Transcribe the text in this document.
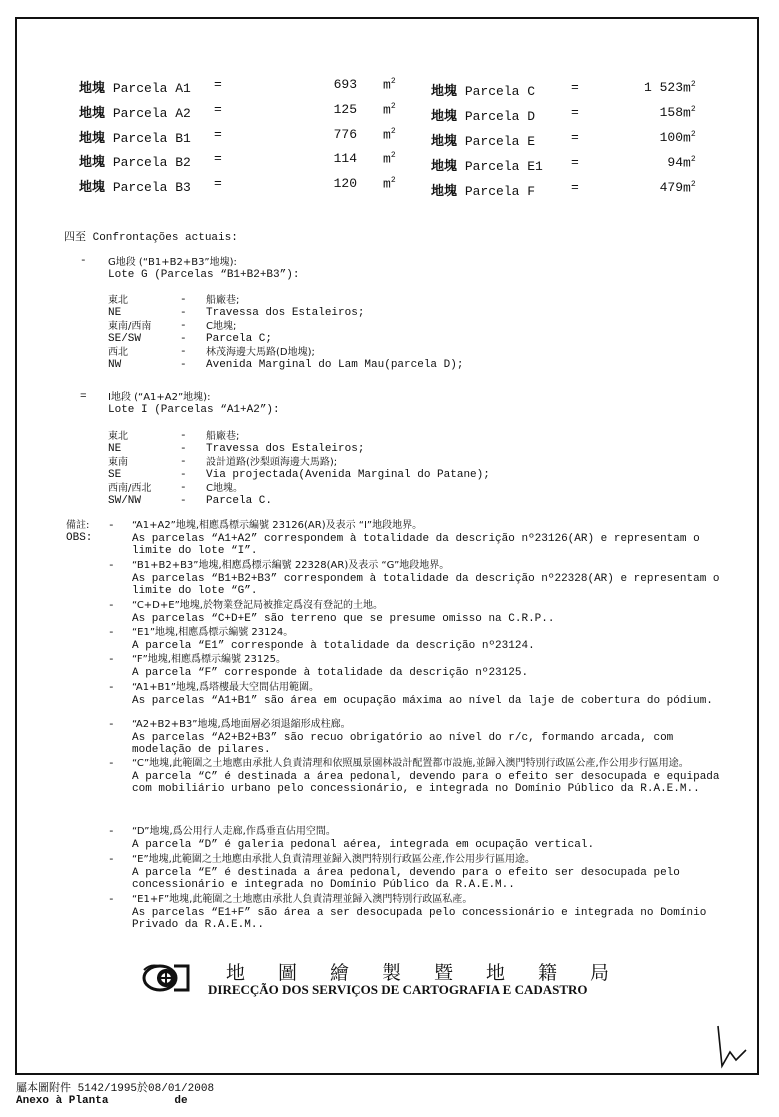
地塊 Parcela A1 =	693 $m^2$
地塊 Parcela A2 =	125 $m^2$
地塊 Parcela B1 =	776 $m^2$
地塊 Parcela B2 =	114 $m^2$
地塊 Parcela B3 =	120 $m^2$
地塊 Parcela C	=	1 523 $m^2$
地塊 Parcela D	=	158 $m^2$
地塊 Parcela E	=	100 $m^2$
地塊 Parcela E1 =	94 $m^2$
地塊 Parcela F	=	479 $m^2$
四至 Confrontações actuais:
- G地段 (“B1+B2+B3”地塊):
Lote G (Parcelas “B1+B2+B3”):
東北	- 船廠巷;
NE	- Travessa dos Estaleiros;
東南/西南	- C地塊;
SE/SW	- Parcela C;
西北	- 林茂海邊大馬路(D地塊);
NW	- Avenida Marginal do Lam Mau(parcela D);
= I地段 (“A1+A2”地塊):
Lote I (Parcelas “A1+A2”):
東北	- 船廠巷;
NE	- Travessa dos Estaleiros;
東南	- 設計道路(沙梨頭海邊大馬路);
SE	- Via projectada(Avenida Marginal do Patane);
西南/西北	- C地塊。
SW/NW	- Parcela C.
備註:
OBS:
- “A1+A2”地塊,相應爲標示編號 23126(AR)及表示 “I”地段地界。
As parcelas “A1+A2” correspondem à totalidade da descrição nº23126(AR) e representam o limite do lote “I”.
- “B1+B2+B3”地塊,相應爲標示編號 22328(AR)及表示 “G”地段地界。
As parcelas “B1+B2+B3” correspondem à totalidade da descrição nº22328(AR) e representam o limite do lote “G”.
- “C+D+E”地塊,於物業登記局被推定爲沒有登記的土地。
As parcelas “C+D+E” são terreno que se presume omisso na C.R.P..
- “E1”地塊,相應爲標示編號 23124。
A parcela “E1” corresponde à totalidade da descrição nº23124.
- “F”地塊,相應爲標示編號 23125。
A parcela “F” corresponde à totalidade da descrição nº23125.
- “A1+B1”地塊,爲塔樓最大空間佔用範圍。
As parcelas “A1+B1” são área em ocupação máxima ao nível da laje de cobertura do pódium.
- “A2+B2+B3”地塊,爲地面層必須退縮形成柱廊。
As parcelas “A2+B2+B3” são recuo obrigatório ao nível do r/c, formando arcada, com modelação de pilares.
- “C”地塊,此範圍之土地應由承批人負責清理和依照風景園林設計配置都市設施,並歸入澳門特別行政區公產,作公用步行區用途。
A parcela “C” é destinada a área pedonal, devendo para o efeito ser desocupada e equipada com mobiliário urbano pelo concessionário, e integrada no Domínio Público da R.A.E.M..
- “D”地塊,爲公用行人走廊,作爲垂直佔用空間。
A parcela “D” é galeria pedonal aérea, integrada em ocupação vertical.
- “E”地塊,此範圍之土地應由承批人負責清理並歸入澳門特別行政區公產,作公用步行區用途。
A parcela “E” é destinada a área pedonal, devendo para o efeito ser desocupada pelo concessionário e integrada no Domínio Público da R.A.E.M..
- “E1+F”地塊,此範圍之土地應由承批人負責清理並歸入澳門特別行政區私產。
As parcelas “E1+F” são área a ser desocupada pelo concessionário e integrada no Domínio Privado da R.A.E.M..
地圖繪製暨地籍局
DIRECÇÃO DOS SERVIÇOS DE CARTOGRAFIA E CADASTRO
屬本圖附件 5142/1995於08/01/2008
Anexo à Planta	de
